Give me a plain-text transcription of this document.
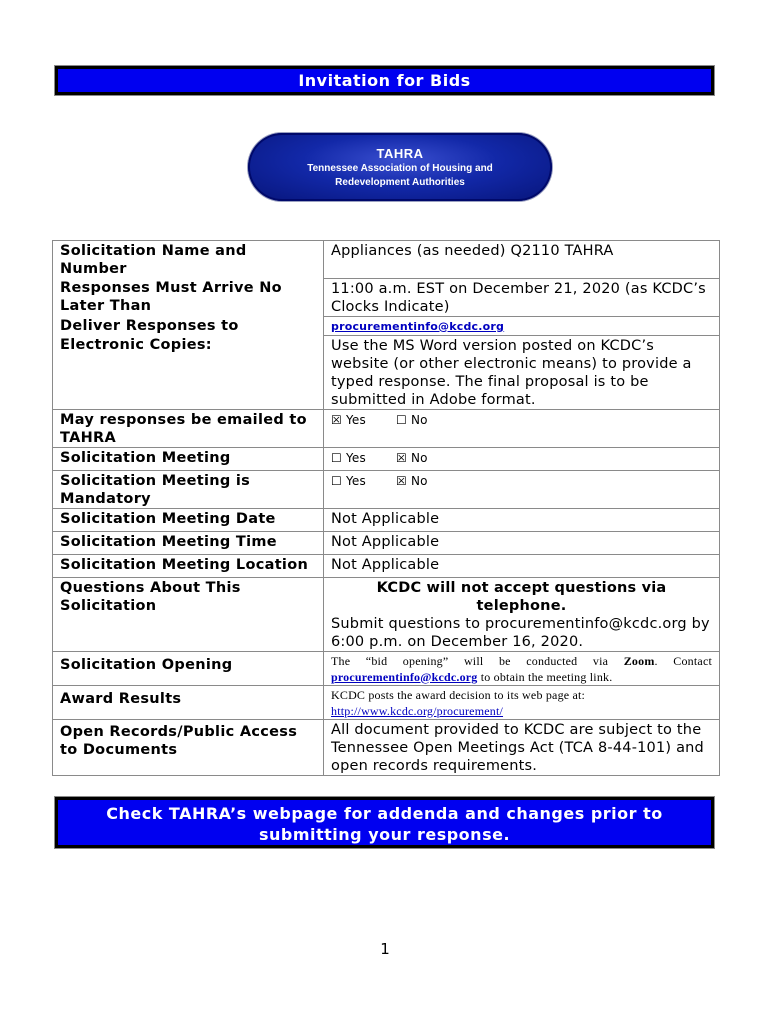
Invitation for Bids
TAHRA
Tennessee Association of Housing and
Redevelopment Authorities
Solicitation Name and Number	Appliances (as needed) Q2110 TAHRA
Responses Must Arrive No Later Than	11:00 a.m. EST on December 21, 2020 (as KCDC’s Clocks Indicate)
Deliver Responses to	procurementinfo@kcdc.org
Electronic Copies:	Use the MS Word version posted on KCDC’s website (or other electronic means) to provide a typed response. The final proposal is to be submitted in Adobe format.
May responses be emailed to TAHRA	☒ Yes ☐ No
Solicitation Meeting	☐ Yes ☒ No
Solicitation Meeting is Mandatory	☐ Yes ☒ No
Solicitation Meeting Date	Not Applicable
Solicitation Meeting Time	Not Applicable
Solicitation Meeting Location	Not Applicable
Questions About This Solicitation	KCDC will not accept questions via telephone.
Submit questions to procurementinfo@kcdc.org by 6:00 p.m. on December 16, 2020.

Solicitation Opening	The “bid opening” will be conducted via Zoom. Contact
procurementinfo@kcdc.org to obtain the meeting link.

Award Results	KCDC posts the award decision to its web page at:
http://www.kcdc.org/procurement/

Open Records/Public Access to Documents	All document provided to KCDC are subject to the Tennessee Open Meetings Act (TCA 8-44-101) and open records requirements.
Check TAHRA’s webpage for addenda and changes prior to submitting your response.
1
